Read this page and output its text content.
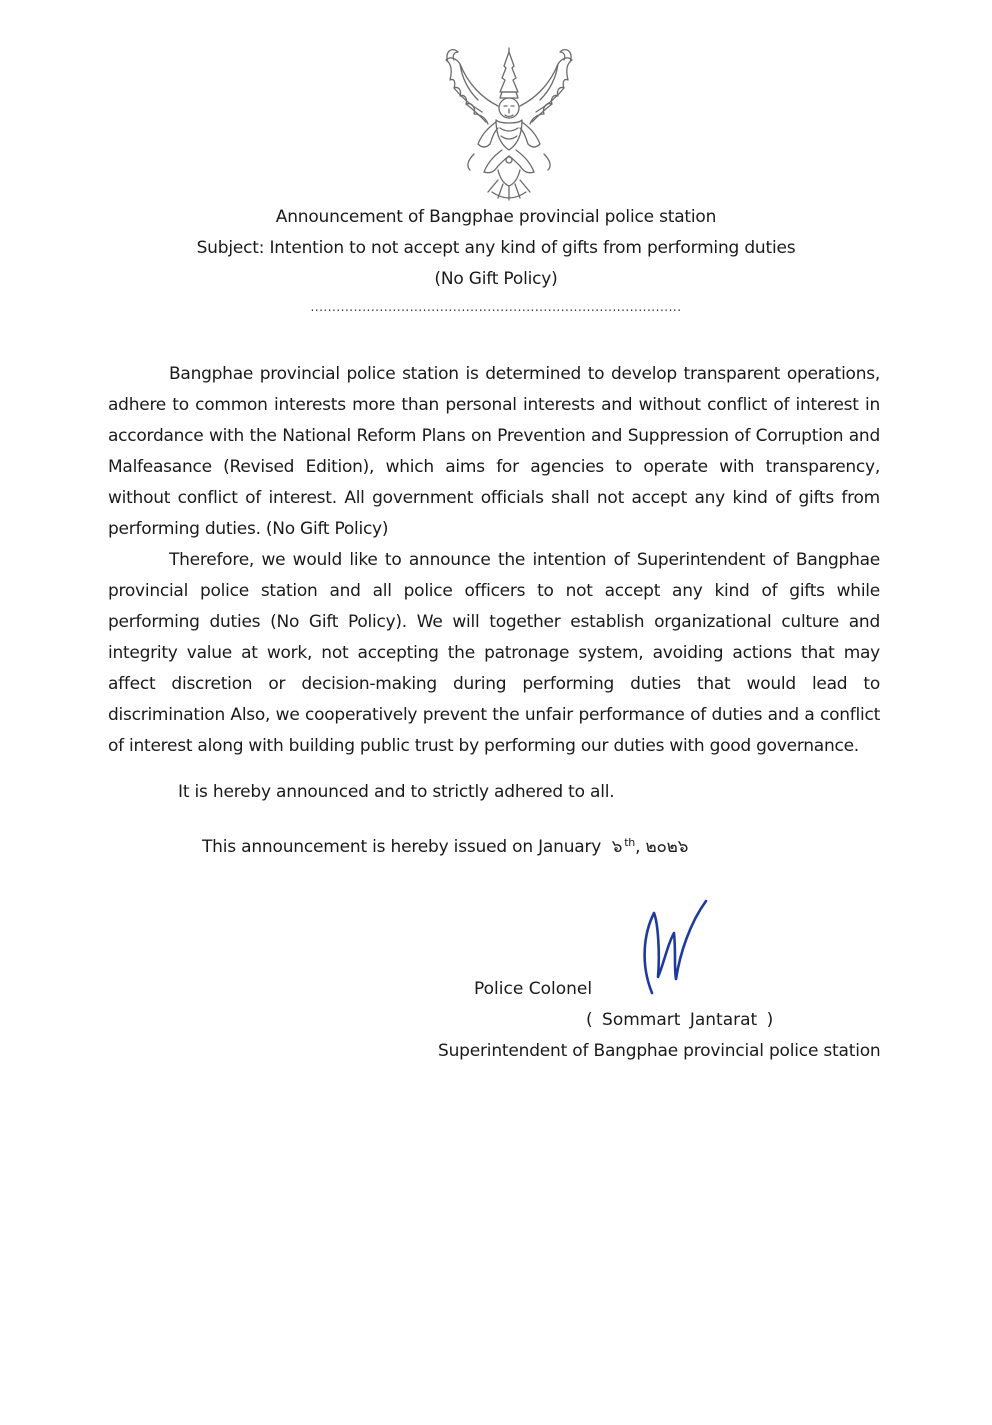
Announcement of Bangphae provincial police station
Subject: Intention to not accept any kind of gifts from performing duties
(No Gift Policy)
......................................................................................

Bangphae provincial police station is determined to develop transparent operations, adhere to common interests more than personal interests and without conflict of interest in accordance with the National Reform Plans on Prevention and Suppression of Corruption and Malfeasance (Revised Edition), which aims for agencies to operate with transparency, without conflict of interest. All government officials shall not accept any kind of gifts from performing duties. (No Gift Policy)

Therefore, we would like to announce the intention of Superintendent of Bangphae provincial police station and all police officers to not accept any kind of gifts while performing duties (No Gift Policy). We will together establish organizational culture and integrity value at work, not accepting the patronage system, avoiding actions that may affect discretion or decision-making during performing duties that would lead to discrimination Also, we cooperatively prevent the unfair performance of duties and a conflict of interest along with building public trust by performing our duties with good governance.

It is hereby announced and to strictly adhered to all.
This announcement is hereby issued on January ๖ $^{th}$, ๒๐๒๖
Police Colonel
( Sommart Jantarat )
Superintendent of Bangphae provincial police station
